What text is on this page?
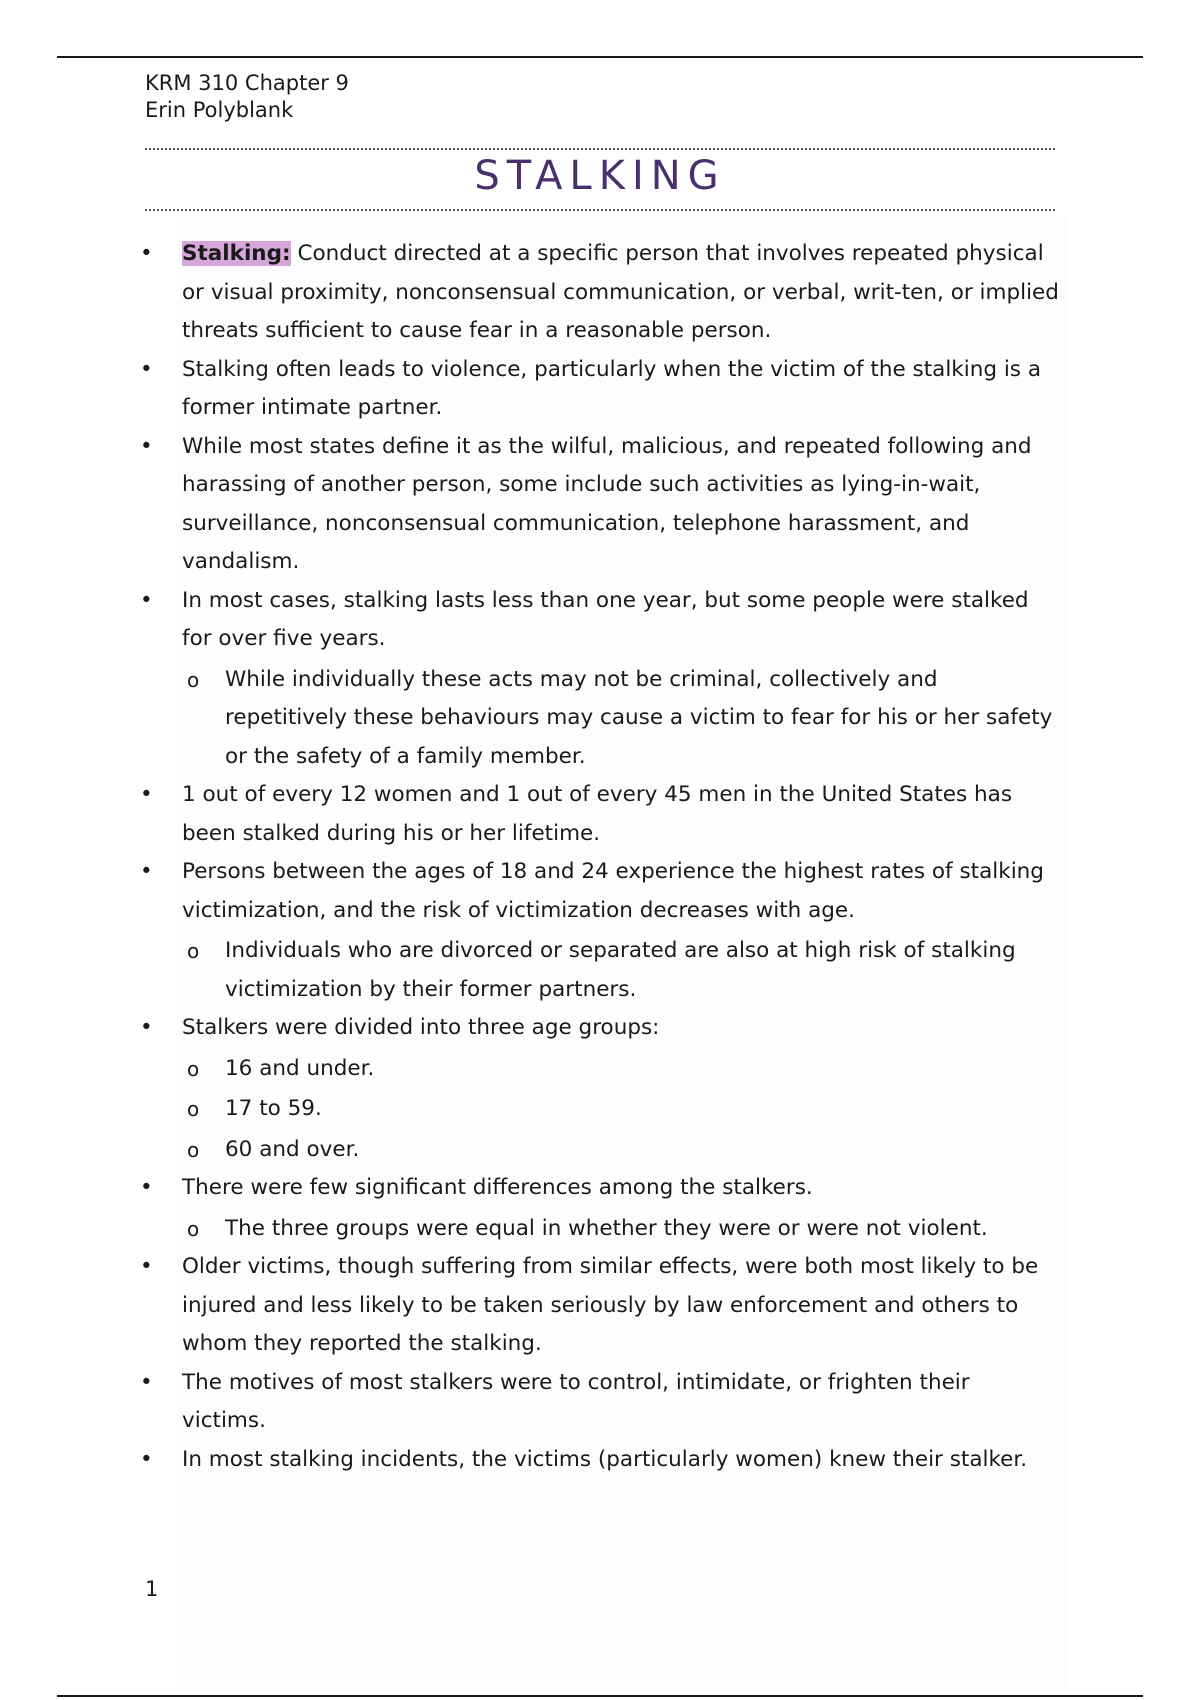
KRM 310 Chapter 9
Erin Polyblank
STALKING
•	Stalking: Conduct directed at a specific person that involves repeated physical or visual proximity, nonconsensual communication, or verbal, writ-ten, or implied threats sufficient to cause fear in a reasonable person.
•	Stalking often leads to violence, particularly when the victim of the stalking is a former intimate partner.
•	While most states define it as the wilful, malicious, and repeated following and harassing of another person, some include such activities as lying-in-wait, surveillance, nonconsensual communication, telephone harassment, and vandalism.
•	In most cases, stalking lasts less than one year, but some people were stalked for over five years.
o While individually these acts may not be criminal, collectively and repetitively these behaviours may cause a victim to fear for his or her safety or the safety of a family member.
•	1 out of every 12 women and 1 out of every 45 men in the United States has been stalked during his or her lifetime.
•	Persons between the ages of 18 and 24 experience the highest rates of stalking victimization, and the risk of victimization decreases with age.
o Individuals who are divorced or separated are also at high risk of stalking victimization by their former partners.
•	Stalkers were divided into three age groups:
o 16 and under.
o 17 to 59.
o 60 and over.
•	There were few significant differences among the stalkers.
o The three groups were equal in whether they were or were not violent.
•	Older victims, though suffering from similar effects, were both most likely to be injured and less likely to be taken seriously by law enforcement and others to whom they reported the stalking.
•	The motives of most stalkers were to control, intimidate, or frighten their victims.
•	In most stalking incidents, the victims (particularly women) knew their stalker.
1
